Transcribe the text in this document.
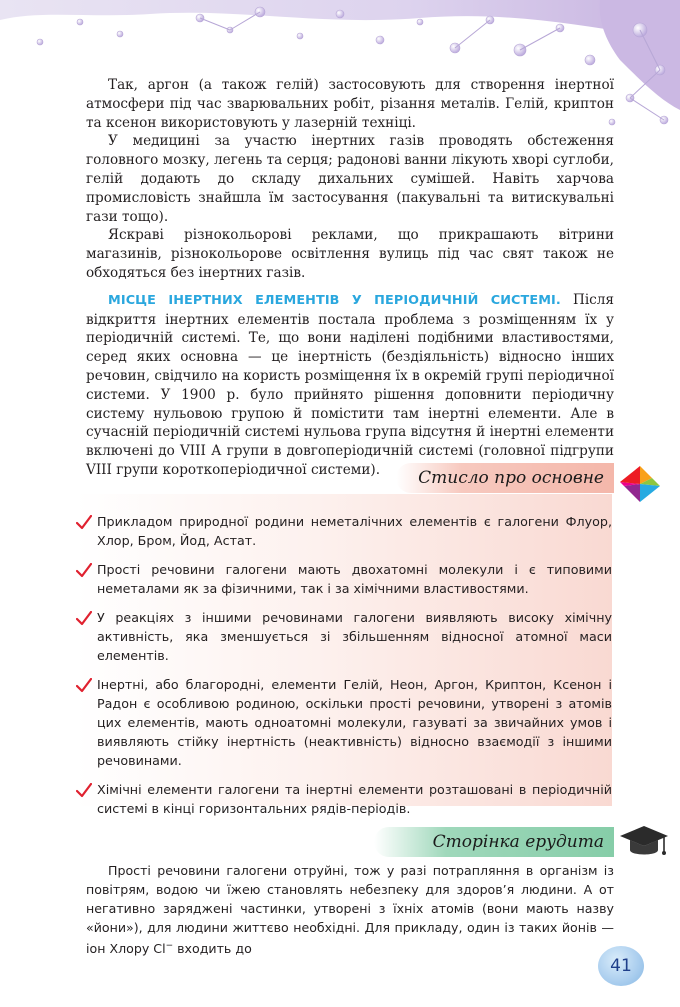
Так, аргон (а також гелій) застосовують для створення інертної атмосфери під час зварювальних робіт, різання металів. Гелій, криптон та ксенон використовують у лазерній техніці.

У медицині за участю інертних газів проводять обстеження головного мозку, легень та серця; радонові ванни лікують хворі суглоби, гелій додають до складу дихальних сумішей. Навіть харчова промисловість знайшла їм застосування (пакувальні та витискувальні гази тощо).

Яскраві різнокольорові реклами, що прикрашають вітрини магазинів, різнокольорове освітлення вулиць під час свят також не обходяться без інертних газів.

МІСЦЕ ІНЕРТНИХ ЕЛЕМЕНТІВ У ПЕРІОДИЧНІЙ СИСТЕМІ. Після відкриття інертних елементів постала проблема з розміщенням їх у періодичній системі. Те, що вони наділені подібними властивостями, серед яких основна — це інертність (бездіяльність) відносно інших речовин, свідчило на користь розміщення їх в окремій групі періодичної системи. У 1900 р. було прийнято рішення доповнити періодичну систему нульовою групою й помістити там інертні елементи. Але в сучасній періодичній системі нульова група відсутня й інертні елементи включені до VIII А групи в довгоперіодичній системі (головної підгрупи VIII групи короткоперіодичної системи).	Стисло про основне
Прикладом природної родини неметалічних елементів є галогени Флуор, Хлор, Бром, Йод, Астат.
Прості речовини галогени мають двохатомні молекули і є типовими неметалами як за фізичними, так і за хімічними властивостями.
У реакціях з іншими речовинами галогени виявляють високу хімічну активність, яка зменшується зі збільшенням відносної атомної маси елементів.
Інертні, або благородні, елементи Гелій, Неон, Аргон, Криптон, Ксенон і Радон є особливою родиною, оскільки прості речовини, утворені з атомів цих елементів, мають одноатомні молекули, газуваті за звичайних умов і виявляють стійку інертність (неактивність) відносно взаємодії з іншими речовинами.
Хімічні елементи галогени та інертні елементи розташовані в періодичній системі в кінці горизонтальних рядів-періодів.
Сторінка ерудита

Прості речовини галогени отруйні, тож у разі потрапляння в організм із повітрям, водою чи їжею становлять небезпеку для здоров’я людини. А от негативно заряджені частинки, утворені з їхніх атомів (вони мають назву «йони»), для людини життєво необхідні. Для прикладу, один із таких йонів — іон Хлору Cl− входить до

41
